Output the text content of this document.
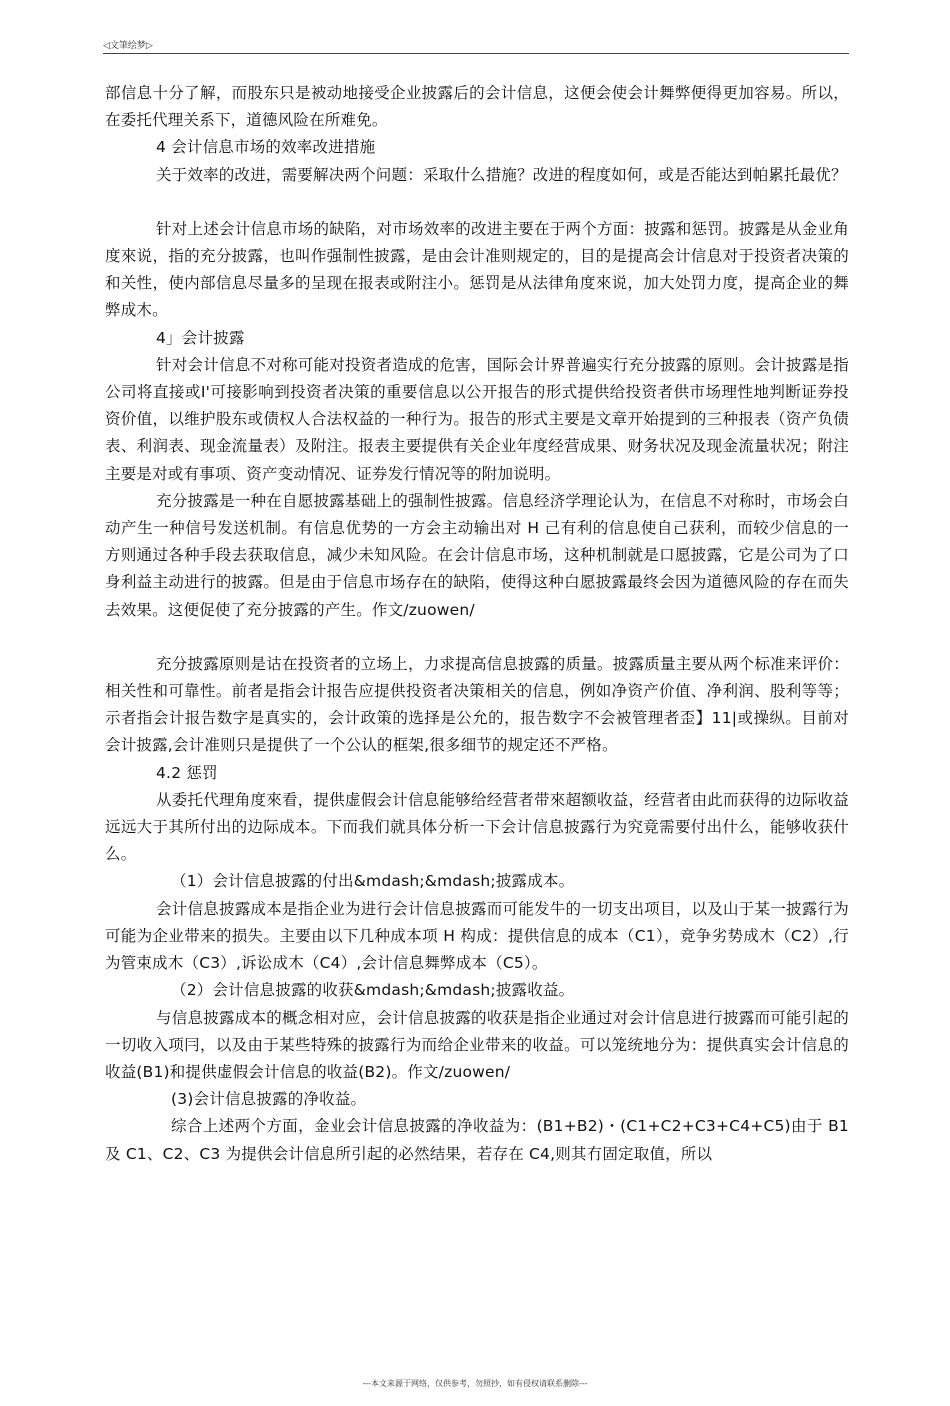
◁文筆绘梦▷

部信息十分了解，而股东只是被动地接受企业披露后的会计信息，这便会使会计舞弊便得更加容易。所以，在委托代理关系下，道德风险在所难免。

4 会计信息市场的效率改进措施

关于效率的改进，需要解决两个问题：采取什么措施？改进的程度如何，或是否能达到帕累托最优？

针对上述会计信息市场的缺陷，对市场效率的改进主要在于两个方面：披露和惩罚。披露是从金业角度來说，指的充分披露，也叫作强制性披露，是由会计准则规定的，目的是提高会计信息对于投资者决策的和关性，使内部信息尽量多的呈现在报表或附注小。惩罚是从法律角度來说，加大处罚力度，提高企业的舞弊成木。

4」会计披露

针对会计信息不对称可能对投资者造成的危害，国际会计界普遍实行充分披露的原则。会计披露是指公司将直接或I'可接影响到投资者决策的重要信息以公开报告的形式提供给投资者供市场理性地判断证券投资价值，以维护股东或债权人合法权益的一种行为。报告的形式主要是文章开始提到的三种报表（资产负债表、利润表、现金流量表）及附注。报表主要提供有关企业年度经营成果、财务状况及现金流量状况；附注主要是对或有事项、资产变动情况、证券发行情况等的附加说明。

充分披露是一种在自愿披露基础上的强制性披露。信息经济学理论认为，在信息不对称时，市场会白动产生一种信号发送机制。有信息优势的一方会主动输出对 H 己有利的信息使自己获利，而较少信息的一方则通过各种手段去获取信息，减少未知风险。在会计信息市场，这种机制就是口愿披露，它是公司为了口身利益主动进行的披露。但是由于信息市场存在的缺陷，使得这种白愿披露最终会因为道德风险的存在而失去效果。这便促使了充分披露的产生。作文/zuowen/

充分披露原则是诂在投资者的立场上，力求提高信息披露的质量。披露质量主要从两个标准来评价：相关性和可靠性。前者是指会计报告应提供投资者决策相关的信息，例如净资产价值、净利润、股利等等；示者指会计报告数字是真实的，会计政策的选择是公允的，报告数字不会被管理者歪】11|或操纵。目前对会计披露,会计准则只是提供了一个公认的框架,很多细节的规定还不严格。

4.2 惩罚

从委托代理角度來看，提供虚假会计信息能够给经营者带來超额收益，经营者由此而获得的边际收益远远大于其所付出的边际成本。下而我们就具体分析一下会计信息披露行为究竟需要付出什么，能够收获什么。

（1）会计信息披露的付出&mdash;&mdash;披露成本。

会计信息披露成本是指企业为进行会计信息披露而可能发牛的一切支出项目，以及山于某一披露行为可能为企业带来的损失。主要由以下几种成本项 H 构成：提供信息的成本（C1），竞争劣势成木（C2）,行为管束成木（C3）,诉讼成木（C4）,会计信息舞弊成本（C5）。

（2）会计信息披露的收获&mdash;&mdash;披露收益。

与信息披露成本的概念相对应，会计信息披露的收获是指企业通过对会计信息进行披露而可能引起的一切收入项冃，以及由于某些特殊的披露行为而给企业带来的收益。可以笼统地分为：提供真实会计信息的收益(B1)和提供虚假会计信息的收益(B2)。作文/zuowen/

(3)会计信息披露的净收益。

综合上述两个方面，金业会计信息披露的净收益为：(B1+B2)・(C1+C2+C3+C4+C5)由于 B1 及 C1、C2、C3 为提供会计信息所引起的必然结果，若存在 C4,则其冇固定取值，所以

---本文来源于网络，仅供参考，勿照抄，如有侵权请联系删除---
